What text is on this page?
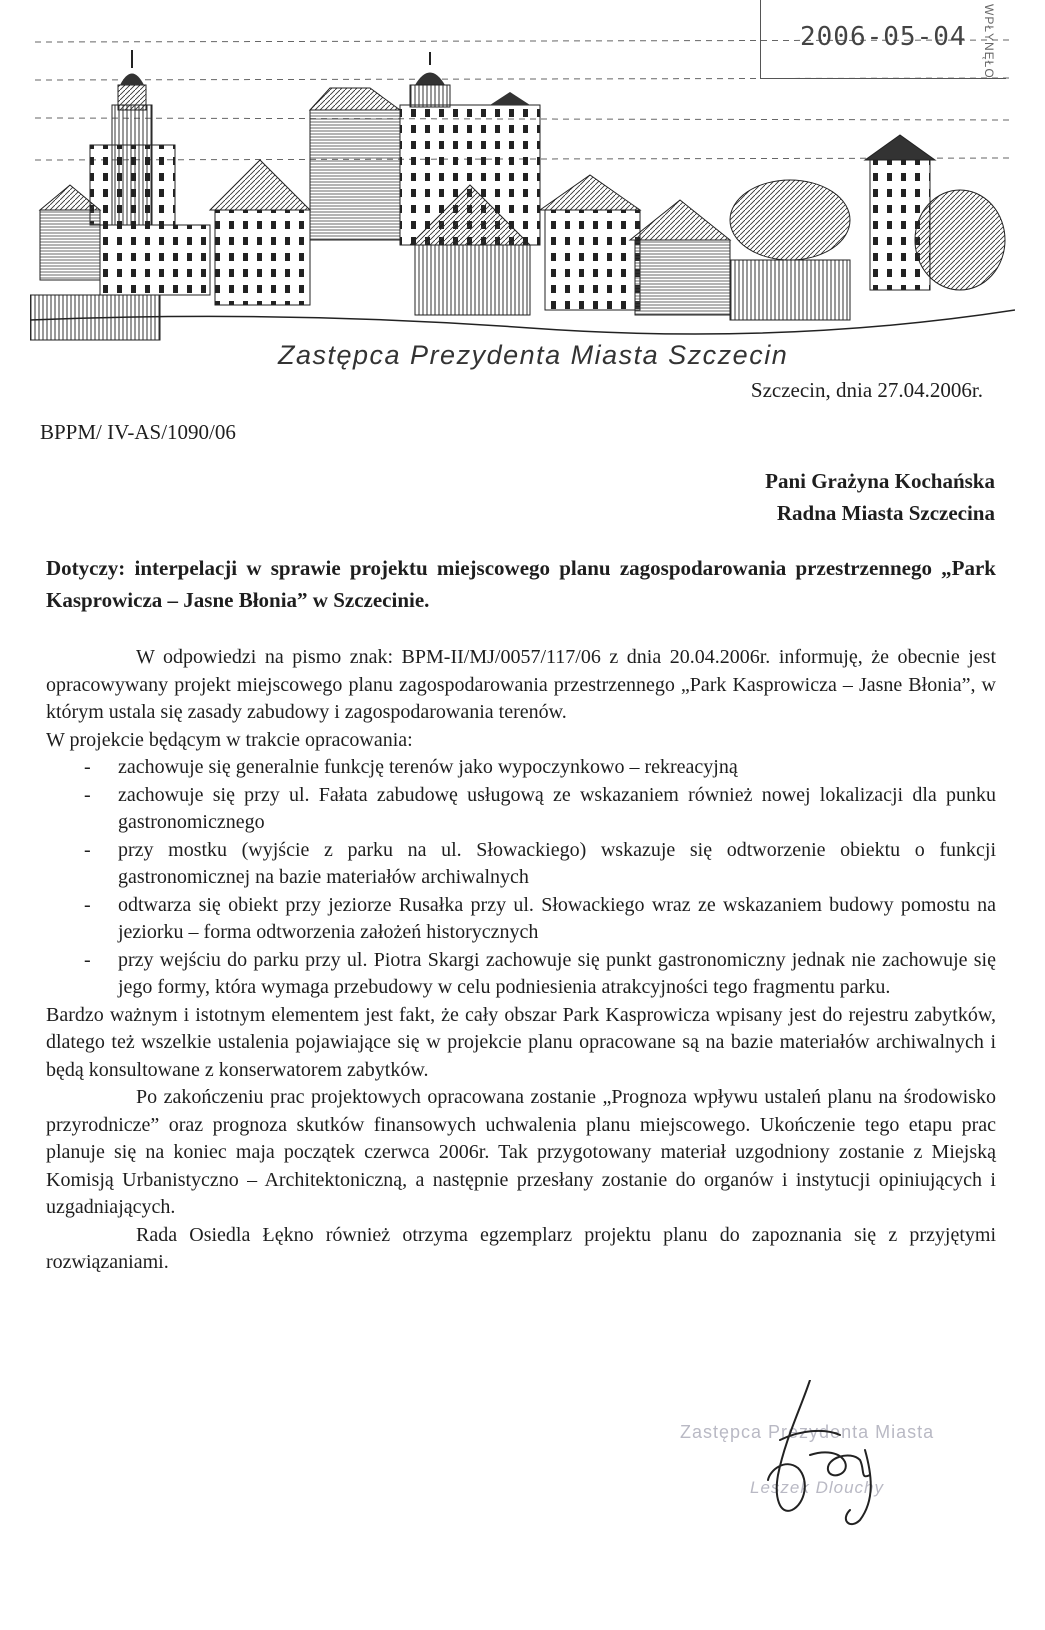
2006-05-04 WPŁYNĘŁO
Zastępca Prezydenta Miasta Szczecin
Szczecin, dnia 27.04.2006r.
BPPM/ IV-AS/1090/06
Pani Grażyna Kochańska
Radna Miasta Szczecina
Dotyczy: interpelacji w sprawie projektu miejscowego planu zagospodarowania przestrzennego „Park Kasprowicza – Jasne Błonia” w Szczecinie.

W odpowiedzi na pismo znak: BPM-II/MJ/0057/117/06 z dnia 20.04.2006r. informuję, że obecnie jest opracowywany projekt miejscowego planu zagospodarowania przestrzennego „Park Kasprowicza – Jasne Błonia”, w którym ustala się zasady zabudowy i zagospodarowania terenów.

W projekcie będącym w trakcie opracowania:

- zachowuje się generalnie funkcję terenów jako wypoczynkowo – rekreacyjną
- zachowuje się przy ul. Fałata zabudowę usługową ze wskazaniem również nowej lokalizacji dla punku gastronomicznego
- przy mostku (wyjście z parku na ul. Słowackiego) wskazuje się odtworzenie obiektu o funkcji gastronomicznej na bazie materiałów archiwalnych
- odtwarza się obiekt przy jeziorze Rusałka przy ul. Słowackiego wraz ze wskazaniem budowy pomostu na jeziorku – forma odtworzenia założeń historycznych
- przy wejściu do parku przy ul. Piotra Skargi zachowuje się punkt gastronomiczny jednak nie zachowuje się jego formy, która wymaga przebudowy w celu podniesienia atrakcyjności tego fragmentu parku.

Bardzo ważnym i istotnym elementem jest fakt, że cały obszar Park Kasprowicza wpisany jest do rejestru zabytków, dlatego też wszelkie ustalenia pojawiające się w projekcie planu opracowane są na bazie materiałów archiwalnych i będą konsultowane z konserwatorem zabytków.

Po zakończeniu prac projektowych opracowana zostanie „Prognoza wpływu ustaleń planu na środowisko przyrodnicze” oraz prognoza skutków finansowych uchwalenia planu miejscowego. Ukończenie tego etapu prac planuje się na koniec maja początek czerwca 2006r. Tak przygotowany materiał uzgodniony zostanie z Miejską Komisją Urbanistyczno – Architektoniczną, a następnie przesłany zostanie do organów i instytucji opiniujących i uzgadniających.

Rada Osiedla Łękno również otrzyma egzemplarz projektu planu do zapoznania się z przyjętymi rozwiązaniami.

Zastępca Prezydenta Miasta
Leszek Dlouchy
